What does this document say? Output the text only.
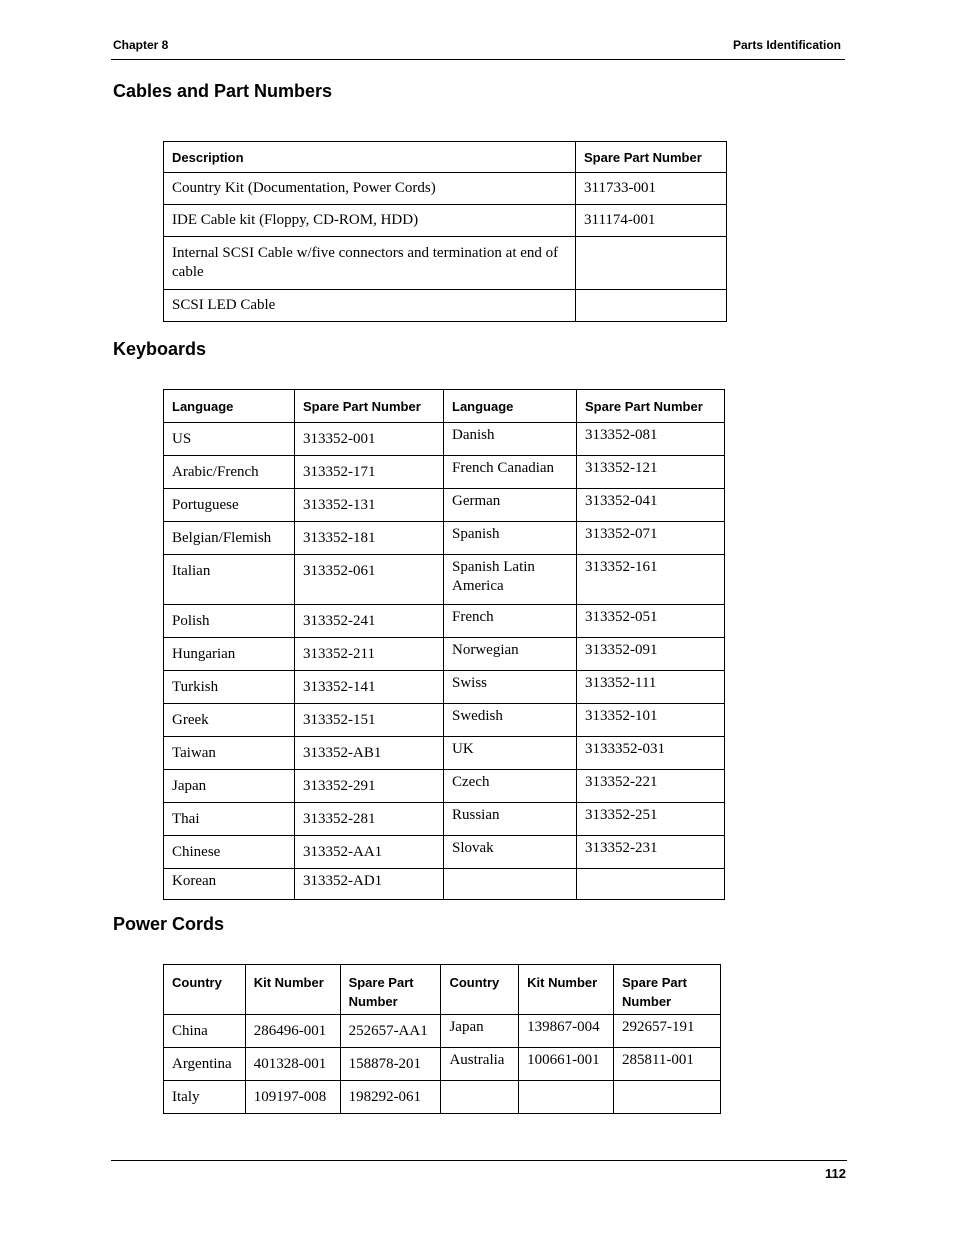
Chapter 8	Parts Identification
Cables and Part Numbers
Description	Spare Part Number
Country Kit (Documentation, Power Cords)	311733-001
IDE Cable kit (Floppy, CD-ROM, HDD)	311174-001
Internal SCSI Cable w/five connectors and termination at end of cable	
SCSI LED Cable	
Keyboards
Language	Spare Part Number	Language	Spare Part Number
US	313352-001	Danish	313352-081
Arabic/French	313352-171	French Canadian	313352-121
Portuguese	313352-131	German	313352-041
Belgian/Flemish	313352-181	Spanish	313352-071
Italian	313352-061	Spanish Latin America	313352-161
Polish	313352-241	French	313352-051
Hungarian	313352-211	Norwegian	313352-091
Turkish	313352-141	Swiss	313352-111
Greek	313352-151	Swedish	313352-101
Taiwan	313352-AB1	UK	3133352-031
Japan	313352-291	Czech	313352-221
Thai	313352-281	Russian	313352-251
Chinese	313352-AA1	Slovak	313352-231
Korean	313352-AD1		
Power Cords
Country	Kit Number	Spare Part Number	Country	Kit Number	Spare Part Number
China	286496-001	252657-AA1	Japan	139867-004	292657-191
Argentina	401328-001	158878-201	Australia	100661-001	285811-001
Italy	109197-008	198292-061			
112
